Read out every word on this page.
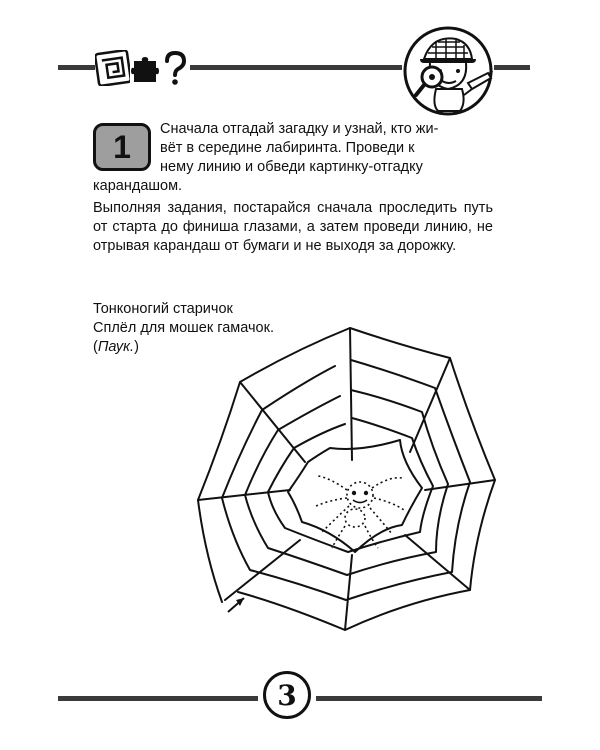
1	Сначала отгадай загадку и узнай, кто жи-
вёт в середине лабиринта. Проведи к
нему линию и обведи картинку-отгадку
карандашом.
Выполняя задания, постарайся сначала проследить путь от старта до финиша глазами, а затем проведи линию, не отрывая карандаш от бумаги и не выходя за дорожку.
Тонконогий старичок
Сплёл для мошек гамачок.
(Паук.)
3
